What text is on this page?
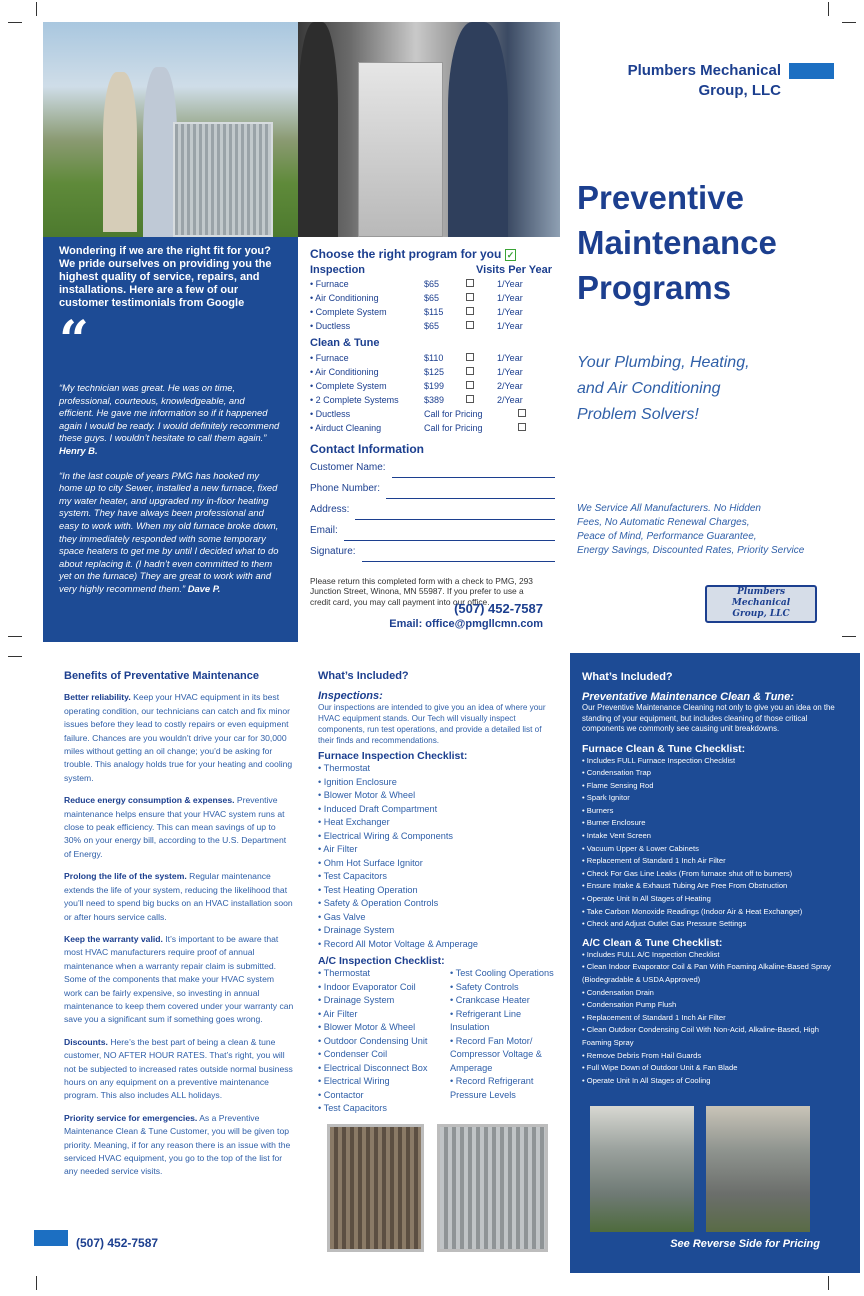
Wondering if we are the right fit for you? We pride ourselves on providing you the highest quality of service, repairs, and installations. Here are a few of our customer testimonials from Google
“

“My technician was great. He was on time, professional, courteous, knowledgeable, and efficient. He gave me information so if it happened again I would be ready. I would definitely recommend these guys. I wouldn’t hesitate to call them again.” Henry B.

“In the last couple of years PMG has hooked my home up to city Sewer, installed a new furnace, fixed my water heater, and upgraded my in-floor heating system. They have always been professional and easy to work with. When my old furnace broke down, they immediately responded with some temporary space heaters to get me by until I decided what to do about replacing it. (I hadn’t even committed to them yet on the furnace) They are great to work with and very highly recommend them.” Dave P.

Choose the right program for you ✓
Inspection	Visits Per Year
• Furnace	$65	1/Year
• Air Conditioning	$65	1/Year
• Complete System	$115	1/Year
• Ductless	$65	1/Year
Clean & Tune
• Furnace	$110	1/Year
• Air Conditioning	$125	1/Year
• Complete System	$199	2/Year
• 2 Complete Systems	$389	2/Year
• Ductless	Call for Pricing
• Airduct Cleaning	Call for Pricing
Contact Information
Customer Name:
Phone Number:
Address:
Email:
Signature:

Please return this completed form with a check to PMG, 293 Junction Street, Winona, MN 55987. If you prefer to use a credit card, you may call payment into our office.

(507) 452-7587
Email: office@pmgllcmn.com
Plumbers Mechanical
Group, LLC
Preventive
Maintenance
Programs
Your Plumbing, Heating,
and Air Conditioning
Problem Solvers!
We Service All Manufacturers. No Hidden
Fees, No Automatic Renewal Charges,
Peace of Mind, Performance Guarantee,
Energy Savings, Discounted Rates, Priority Service
Plumbers
Mechanical
Group, LLC
Benefits of Preventative Maintenance

Better reliability. Keep your HVAC equipment in its best operating condition, our technicians can catch and fix minor issues before they lead to costly repairs or even equipment failure. Chances are you wouldn’t drive your car for 30,000 miles without getting an oil change; you’d be asking for trouble. This analogy holds true for your heating and cooling system.

Reduce energy consumption & expenses. Preventive maintenance helps ensure that your HVAC system runs at close to peak efficiency. This can mean savings of up to 30% on your energy bill, according to the U.S. Department of Energy.

Prolong the life of the system. Regular maintenance extends the life of your system, reducing the likelihood that you’ll need to spend big bucks on an HVAC installation soon or after hours service calls.

Keep the warranty valid. It’s important to be aware that most HVAC manufacturers require proof of annual maintenance when a warranty repair claim is submitted. Some of the components that make your HVAC system work can be fairly expensive, so investing in annual maintenance to keep them covered under your warranty can save you a significant sum if something goes wrong.

Discounts. Here’s the best part of being a clean & tune customer, NO AFTER HOUR RATES. That’s right, you will not be subjected to increased rates outside normal business hours on any equipment on a preventive maintenance program. This also includes ALL holidays.

Priority service for emergencies. As a Preventive Maintenance Clean & Tune Customer, you will be given top priority. Meaning, if for any reason there is an issue with the serviced HVAC equipment, you go to the top of the list for any needed service visits.

(507) 452-7587
What’s Included?
Inspections:

Our inspections are intended to give you an idea of where your HVAC equipment stands. Our Tech will visually inspect components, run test operations, and provide a detailed list of their finds and recommendations.

Furnace Inspection Checklist:
• Thermostat
• Ignition Enclosure
• Blower Motor & Wheel
• Induced Draft Compartment
• Heat Exchanger
• Electrical Wiring & Components
• Air Filter
• Ohm Hot Surface Ignitor
• Test Capacitors
• Test Heating Operation
• Safety & Operation Controls
• Gas Valve
• Drainage System
• Record All Motor Voltage & Amperage
A/C Inspection Checklist:
• Thermostat
• Indoor Evaporator Coil
• Drainage System
• Air Filter
• Blower Motor & Wheel
• Outdoor Condensing Unit
• Condenser Coil
• Electrical Disconnect Box
• Electrical Wiring
• Contactor
• Test Capacitors
• Test Cooling Operations
• Safety Controls
• Crankcase Heater
• Refrigerant Line Insulation
• Record Fan Motor/ Compressor Voltage & Amperage
• Record Refrigerant Pressure Levels
What’s Included?
Preventative Maintenance Clean & Tune:

Our Preventive Maintenance Cleaning not only to give you an idea on the standing of your equipment, but includes cleaning of those critical components we commonly see causing unit breakdowns.

Furnace Clean & Tune Checklist:
• Includes FULL Furnace Inspection Checklist
• Condensation Trap
• Flame Sensing Rod
• Spark Ignitor
• Burners
• Burner Enclosure
• Intake Vent Screen
• Vacuum Upper & Lower Cabinets
• Replacement of Standard 1 Inch Air Filter
• Check For Gas Line Leaks (From furnace shut off to burners)
• Ensure Intake & Exhaust Tubing Are Free From Obstruction
• Operate Unit In All Stages of Heating
• Take Carbon Monoxide Readings (Indoor Air & Heat Exchanger)
• Check and Adjust Outlet Gas Pressure Settings
A/C Clean & Tune Checklist:
• Includes FULL A/C Inspection Checklist
• Clean Indoor Evaporator Coil & Pan With Foaming Alkaline-Based Spray (Biodegradable & USDA Approved)
• Condensation Drain
• Condensation Pump Flush
• Replacement of Standard 1 Inch Air Filter
• Clean Outdoor Condensing Coil With Non-Acid, Alkaline-Based, High Foaming Spray
• Remove Debris From Hail Guards
• Full Wipe Down of Outdoor Unit & Fan Blade
• Operate Unit In All Stages of Cooling
See Reverse Side for Pricing
